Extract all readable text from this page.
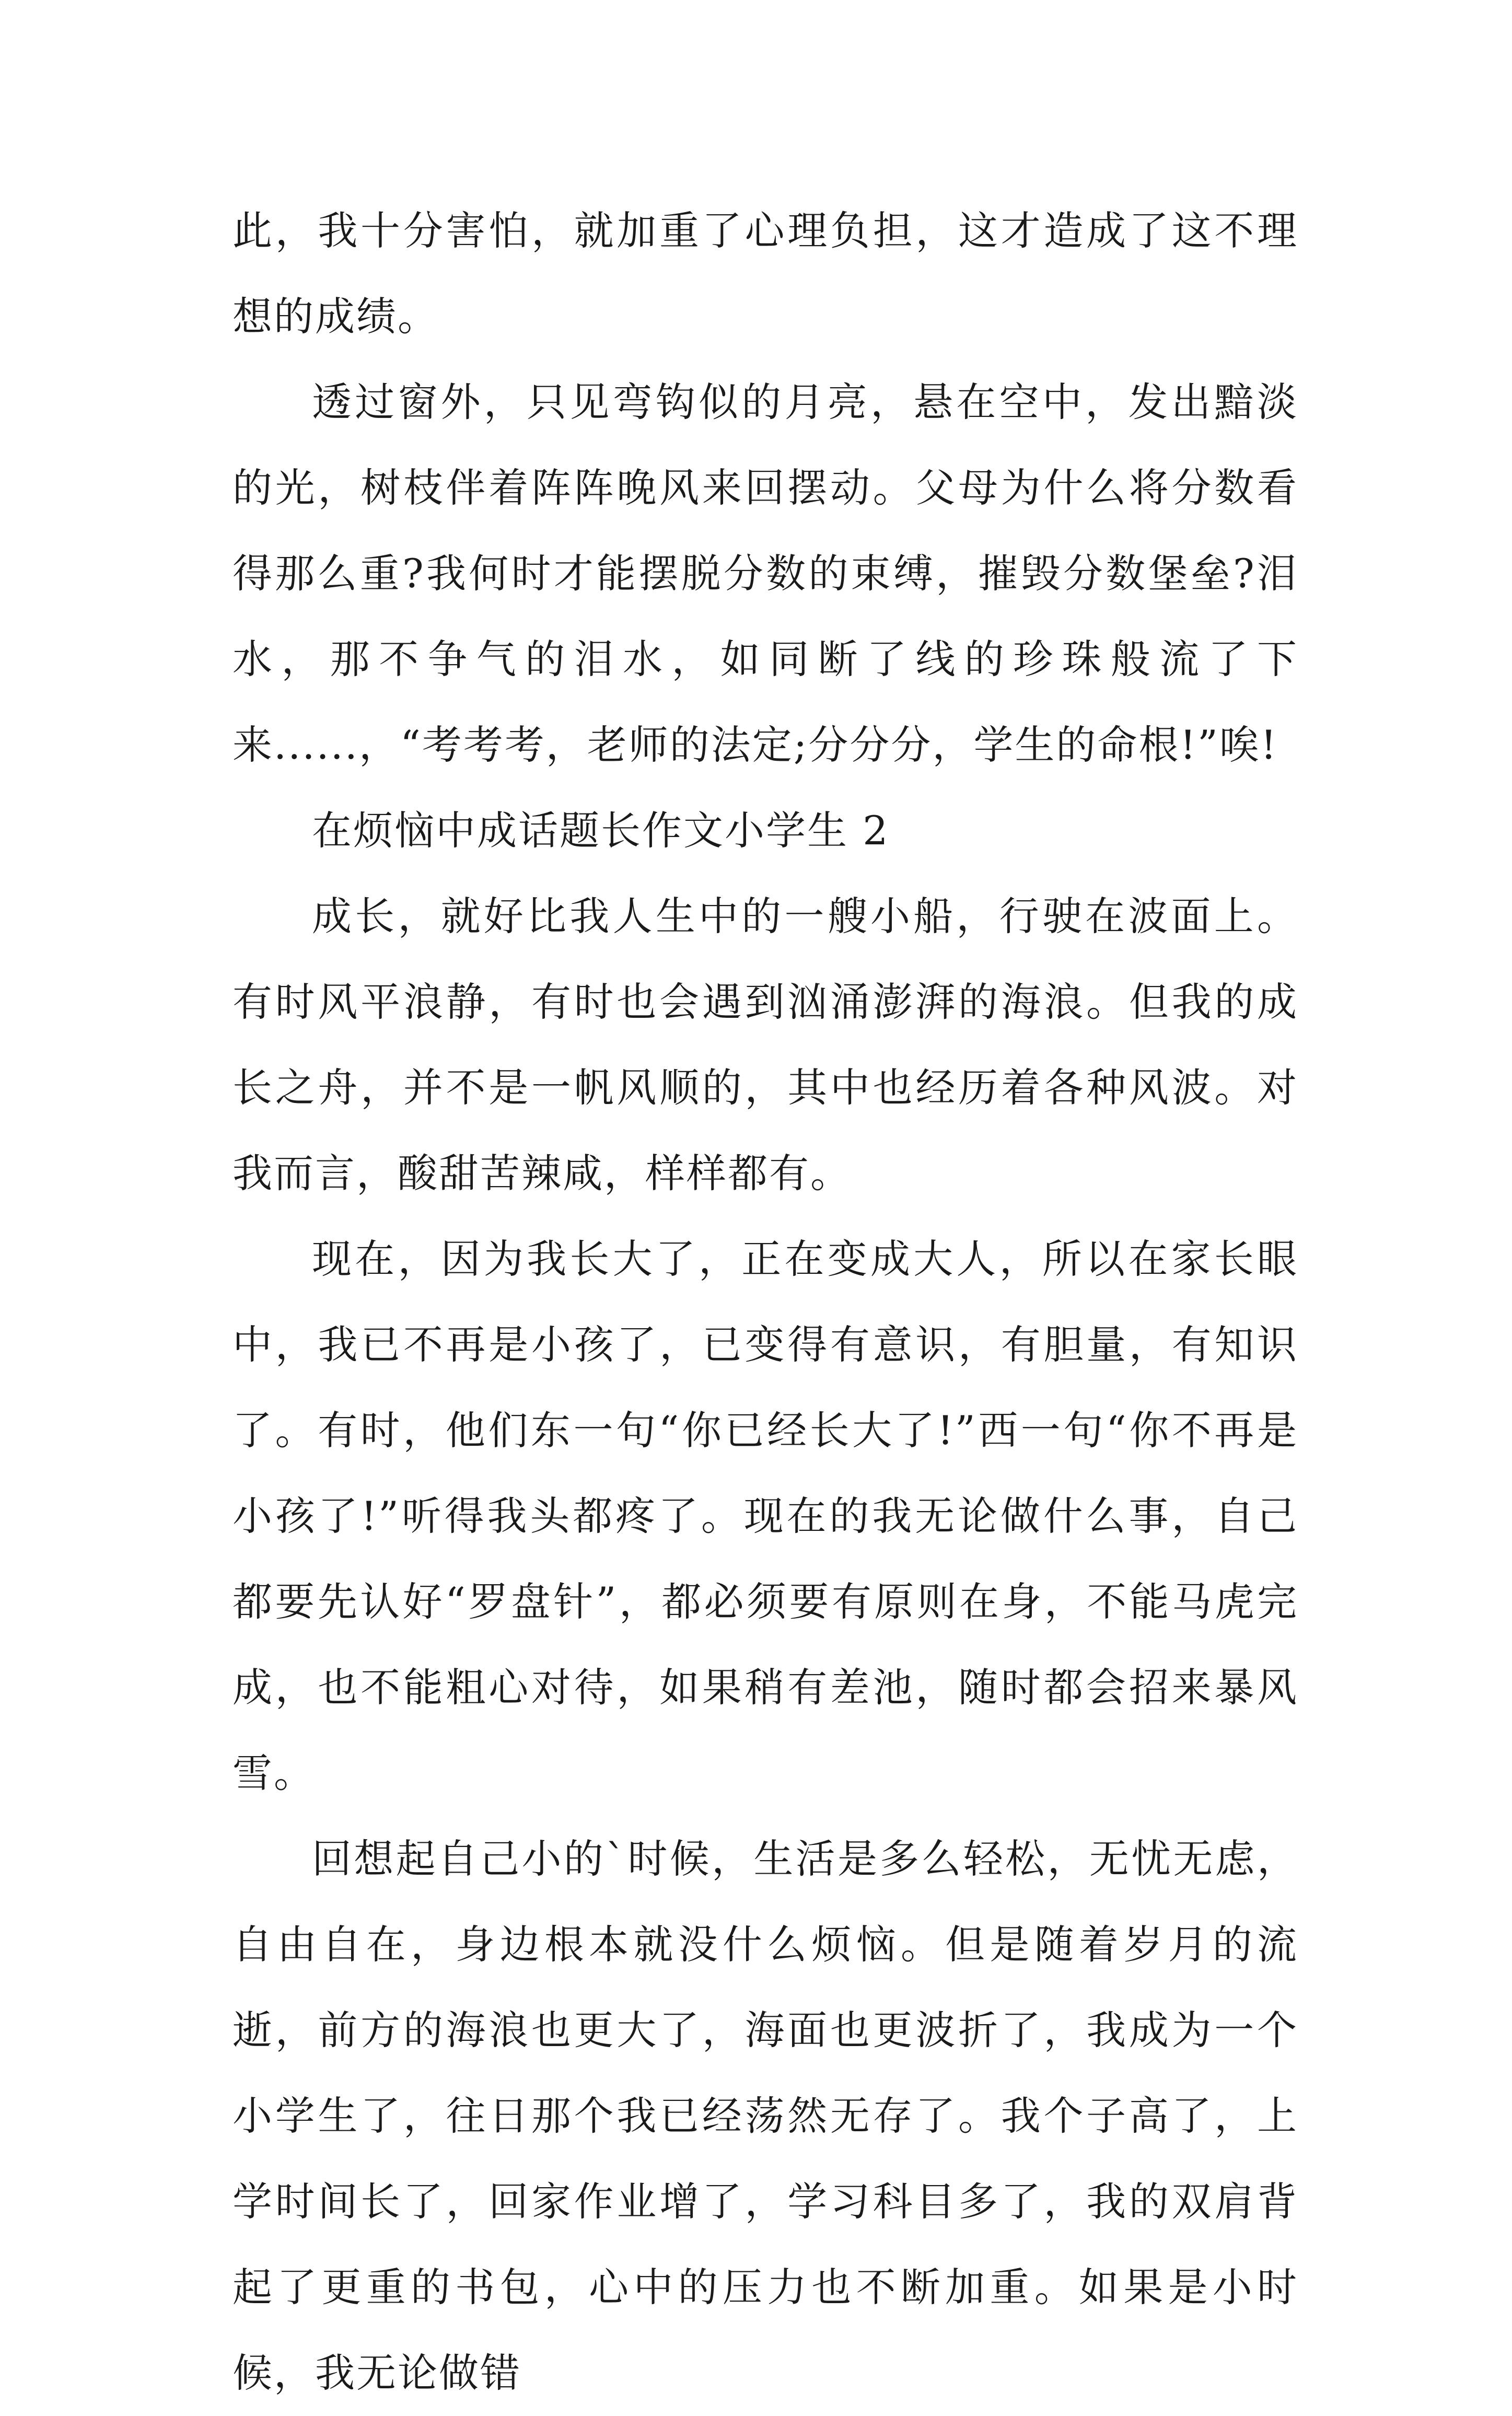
此，我十分害怕，就加重了心理负担，这才造成了这不理想的成绩。

透过窗外，只见弯钩似的月亮，悬在空中，发出黯淡的光，树枝伴着阵阵晚风来回摆动。父母为什么将分数看得那么重?我何时才能摆脱分数的束缚，摧毁分数堡垒?泪水，那不争气的泪水，如同断了线的珍珠般流了下来......，“考考考，老师的法定;分分分，学生的命根!”唉!

在烦恼中成话题长作文小学生 2

成长，就好比我人生中的一艘小船，行驶在波面上。有时风平浪静，有时也会遇到汹涌澎湃的海浪。但我的成长之舟，并不是一帆风顺的，其中也经历着各种风波。对我而言，酸甜苦辣咸，样样都有。

现在，因为我长大了，正在变成大人，所以在家长眼中，我已不再是小孩了，已变得有意识，有胆量，有知识了。有时，他们东一句“你已经长大了!”西一句“你不再是小孩了!”听得我头都疼了。现在的我无论做什么事，自己都要先认好“罗盘针”，都必须要有原则在身，不能马虎完成，也不能粗心对待，如果稍有差池，随时都会招来暴风雪。

回想起自己小的`时候，生活是多么轻松，无忧无虑，自由自在，身边根本就没什么烦恼。但是随着岁月的流逝，前方的海浪也更大了，海面也更波折了，我成为一个小学生了，往日那个我已经荡然无存了。我个子高了，上学时间长了，回家作业增了，学习科目多了，我的双肩背起了更重的书包，心中的压力也不断加重。如果是小时候，我无论做错
